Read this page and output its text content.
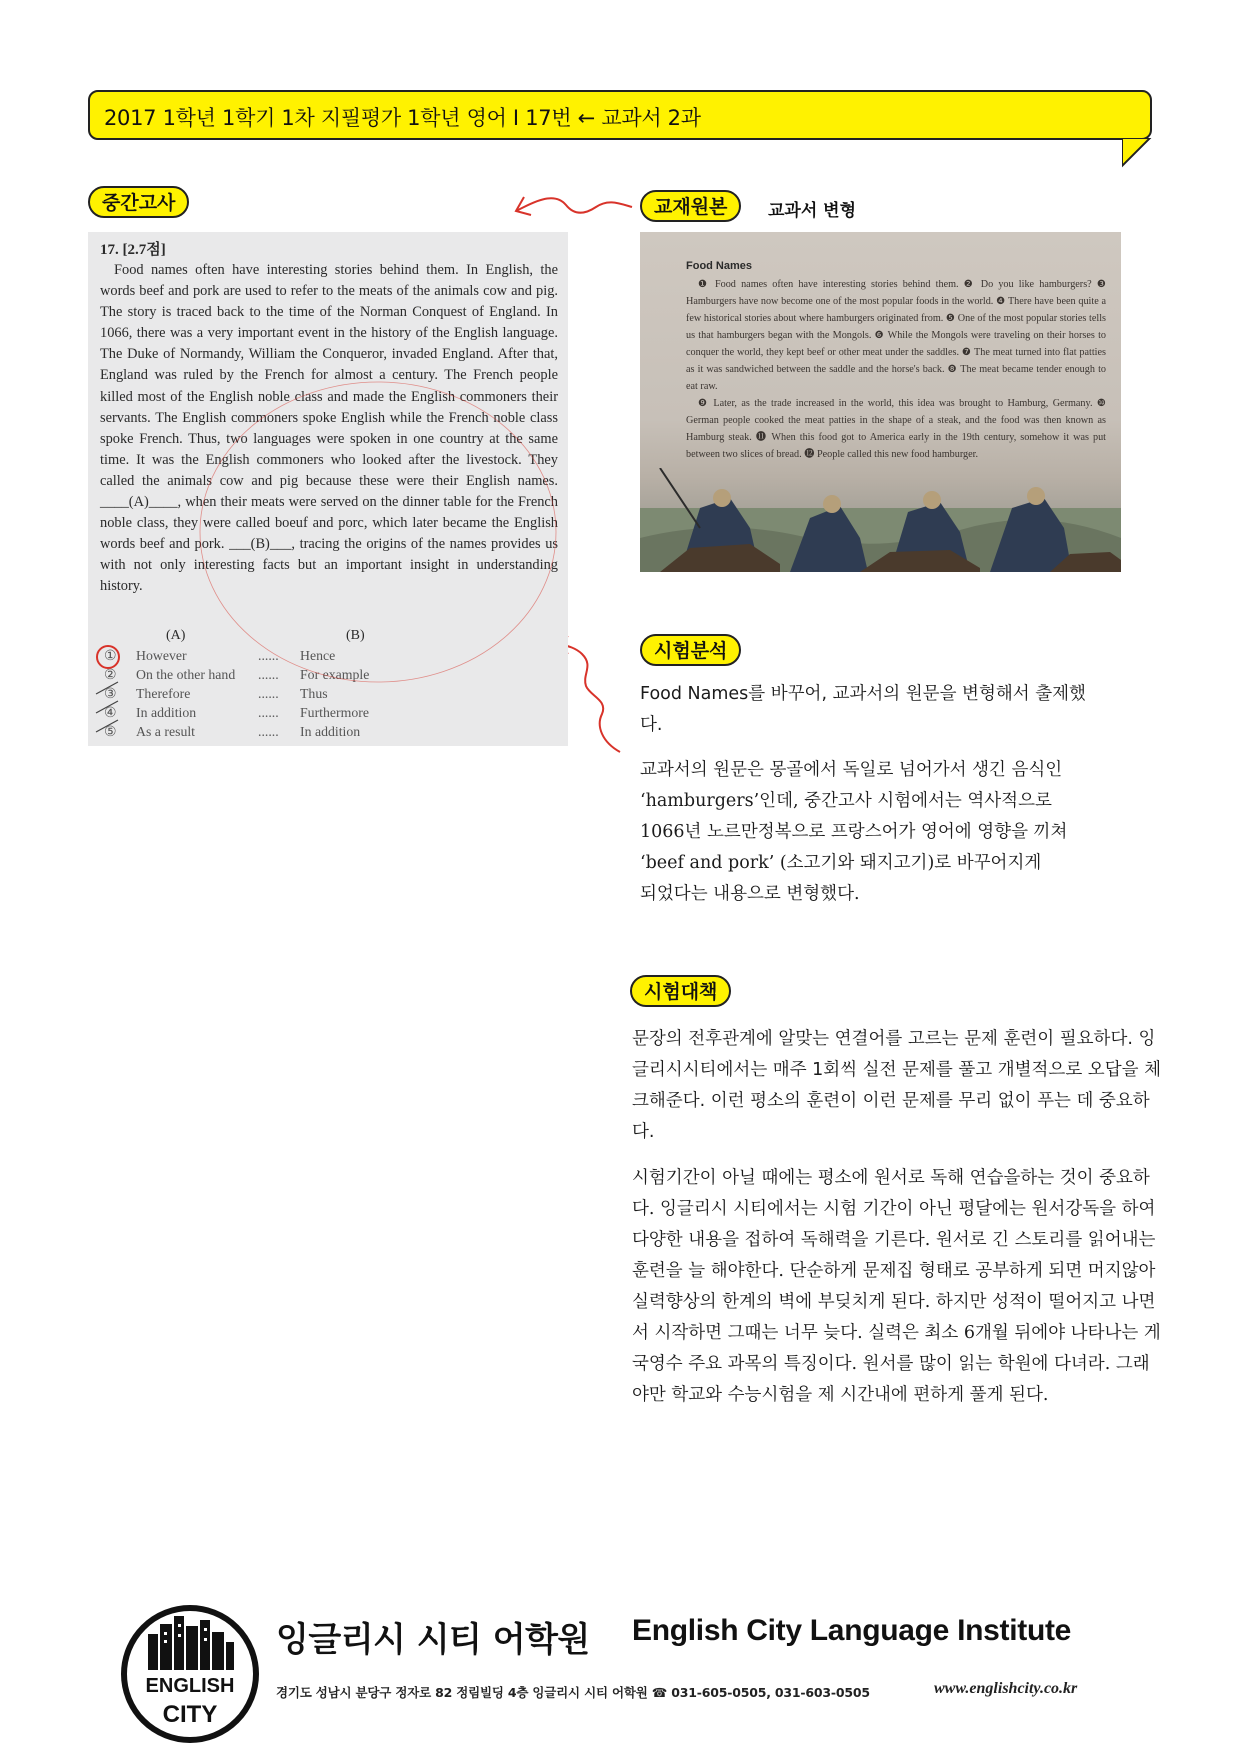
2017 1학년 1학기 1차 지필평가 1학년 영어 I 17번 ← 교과서 2과
중간고사	교재원본	교과서 변형
17. [2.7점]
Food names often have interesting stories behind them. In English, the words beef and pork are used to refer to the meats of the animals cow and pig. The story is traced back to the time of the Norman Conquest of England. In 1066, there was a very important event in the history of the English language. The Duke of Normandy, William the Conqueror, invaded England. After that, England was ruled by the French for almost a century. The French people killed most of the English noble class and made the English commoners their servants. The English commoners spoke English while the French noble class spoke French. Thus, two languages were spoken in one country at the same time. It was the English commoners who looked after the livestock. They called the animals cow and pig because these were their English names. ____(A)____, when their meats were served on the dinner table for the French noble class, they were called boeuf and porc, which later became the English words beef and pork. ___(B)___, tracing the origins of the names provides us with not only interesting facts but an important insight in understanding history.
(A)	(B)
① However	...... Hence
② On the other hand ...... For example
③ Therefore	...... Thus
④ In addition	...... Furthermore
⑤ As a result	...... In addition
Food Names

❶ Food names often have interesting stories behind them. ❷ Do you like hamburgers? ❸ Hamburgers have now become one of the most popular foods in the world. ❹ There have been quite a few historical stories about where hamburgers originated from. ❺ One of the most popular stories tells us that hamburgers began with the Mongols. ❻ While the Mongols were traveling on their horses to conquer the world, they kept beef or other meat under the saddles. ❼ The meat turned into flat patties as it was sandwiched between the saddle and the horse's back. ❽ The meat became tender enough to eat raw.

❾ Later, as the trade increased in the world, this idea was brought to Hamburg, Germany. ❿ German people cooked the meat patties in the shape of a steak, and the food was then known as Hamburg steak. ⓫ When this food got to America early in the 19th century, somehow it was put between two slices of bread. ⓬ People called this new food hamburger.

시험분석

Food Names를 바꾸어, 교과서의 원문을 변형해서 출제했다.

교과서의 원문은 몽골에서 독일로 넘어가서 생긴 음식인

‘hamburgers’인데, 중간고사 시험에서는 역사적으로

1066년 노르만정복으로 프랑스어가 영어에 영향을 끼쳐

‘beef and pork’ (소고기와 돼지고기)로 바꾸어지게

되었다는 내용으로 변형했다.

시험대책

문장의 전후관계에 알맞는 연결어를 고르는 문제 훈련이 필요하다. 잉글리시시티에서는 매주 1회씩 실전 문제를 풀고 개별적으로 오답을 체크해준다. 이런 평소의 훈련이 이런 문제를 무리 없이 푸는 데 중요하다.

시험기간이 아닐 때에는 평소에 원서로 독해 연습을하는 것이 중요하다. 잉글리시 시티에서는 시험 기간이 아닌 평달에는 원서강독을 하여 다양한 내용을 접하여 독해력을 기른다. 원서로 긴 스토리를 읽어내는 훈련을 늘 해야한다. 단순하게 문제집 형태로 공부하게 되면 머지않아 실력향상의 한계의 벽에 부딪치게 된다. 하지만 성적이 떨어지고 나면서 시작하면 그때는 너무 늦다. 실력은 최소 6개월 뒤에야 나타나는 게 국영수 주요 과목의 특징이다. 원서를 많이 읽는 학원에 다녀라. 그래야만 학교와 수능시험을 제 시간내에 편하게 풀게 된다.

ENGLISH
CITY
잉글리시 시티 어학원 English City Language Institute
경기도 성남시 분당구 정자로 82 정림빌딩 4층 잉글리시 시티 어학원 ☎ 031-605-0505, 031-603-0505	www.englishcity.co.kr
